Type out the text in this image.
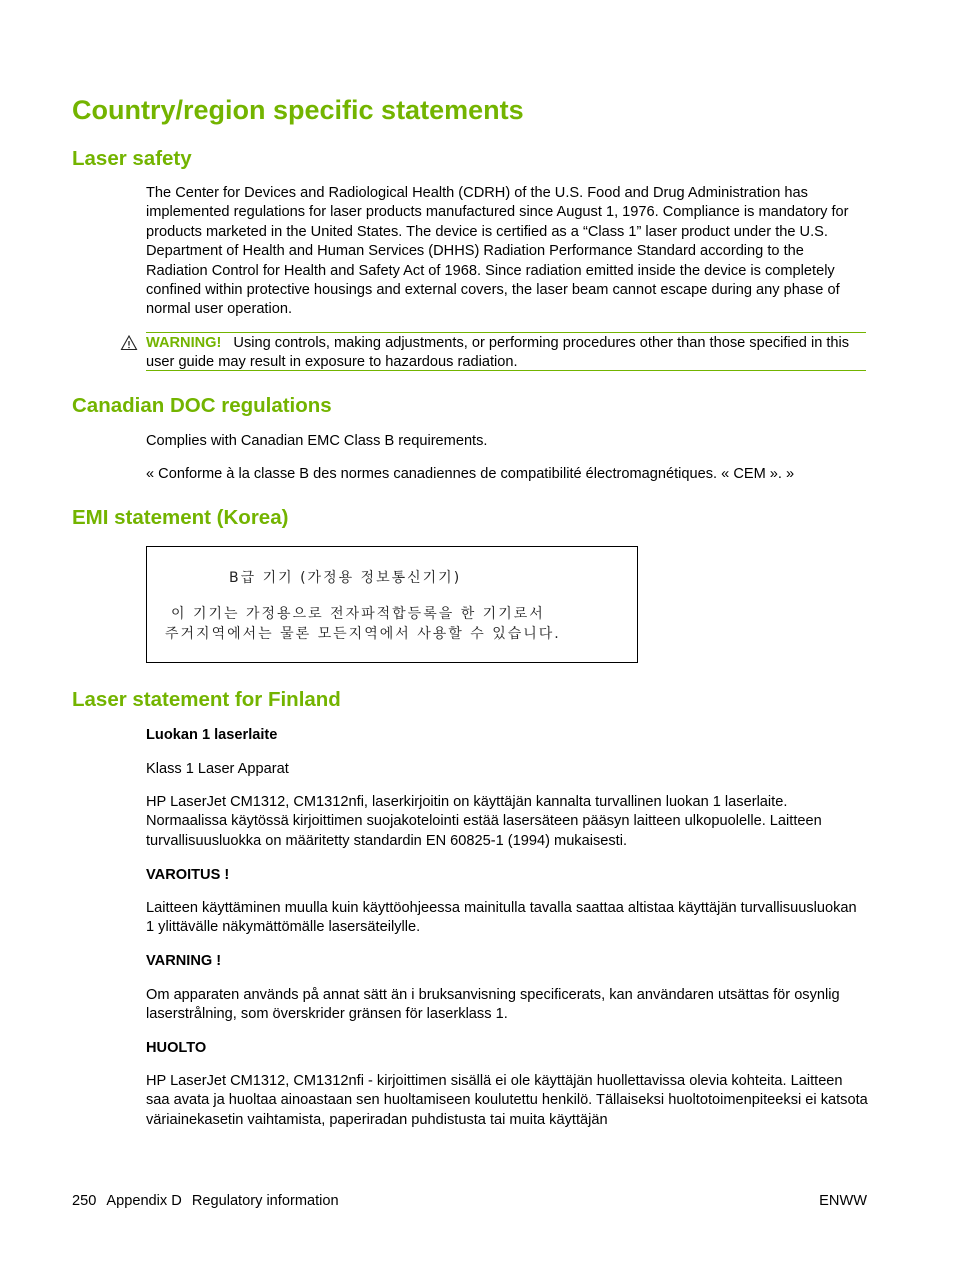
Country/region specific statements
Laser safety

The Center for Devices and Radiological Health (CDRH) of the U.S. Food and Drug Administration has implemented regulations for laser products manufactured since August 1, 1976. Compliance is mandatory for products marketed in the United States. The device is certified as a “Class 1” laser product under the U.S. Department of Health and Human Services (DHHS) Radiation Performance Standard according to the Radiation Control for Health and Safety Act of 1968. Since radiation emitted inside the device is completely confined within protective housings and external covers, the laser beam cannot escape during any phase of normal user operation.

WARNING! Using controls, making adjustments, or performing procedures other than those specified in this user guide may result in exposure to hazardous radiation.
Canadian DOC regulations

Complies with Canadian EMC Class B requirements.

« Conforme à la classe B des normes canadiennes de compatibilité électromagnétiques. « CEM ». »

EMI statement (Korea)
B급 기기 (가정용 정보통신기기)
이 기기는 가정용으로 전자파적합등록을 한 기기로서
주거지역에서는 물론 모든지역에서 사용할 수 있습니다.
Laser statement for Finland

Luokan 1 laserlaite

Klass 1 Laser Apparat

HP LaserJet CM1312, CM1312nfi, laserkirjoitin on käyttäjän kannalta turvallinen luokan 1 laserlaite. Normaalissa käytössä kirjoittimen suojakotelointi estää lasersäteen pääsyn laitteen ulkopuolelle. Laitteen turvallisuusluokka on määritetty standardin EN 60825-1 (1994) mukaisesti.

VAROITUS !

Laitteen käyttäminen muulla kuin käyttöohjeessa mainitulla tavalla saattaa altistaa käyttäjän turvallisuusluokan 1 ylittävälle näkymättömälle lasersäteilylle.

VARNING !

Om apparaten används på annat sätt än i bruksanvisning specificerats, kan användaren utsättas för osynlig laserstrålning, som överskrider gränsen för laserklass 1.

HUOLTO

HP LaserJet CM1312, CM1312nfi - kirjoittimen sisällä ei ole käyttäjän huollettavissa olevia kohteita. Laitteen saa avata ja huoltaa ainoastaan sen huoltamiseen koulutettu henkilö. Tällaiseksi huoltotoimenpiteeksi ei katsota väriainekasetin vaihtamista, paperiradan puhdistusta tai muita käyttäjän

250 Appendix D Regulatory information	ENWW
